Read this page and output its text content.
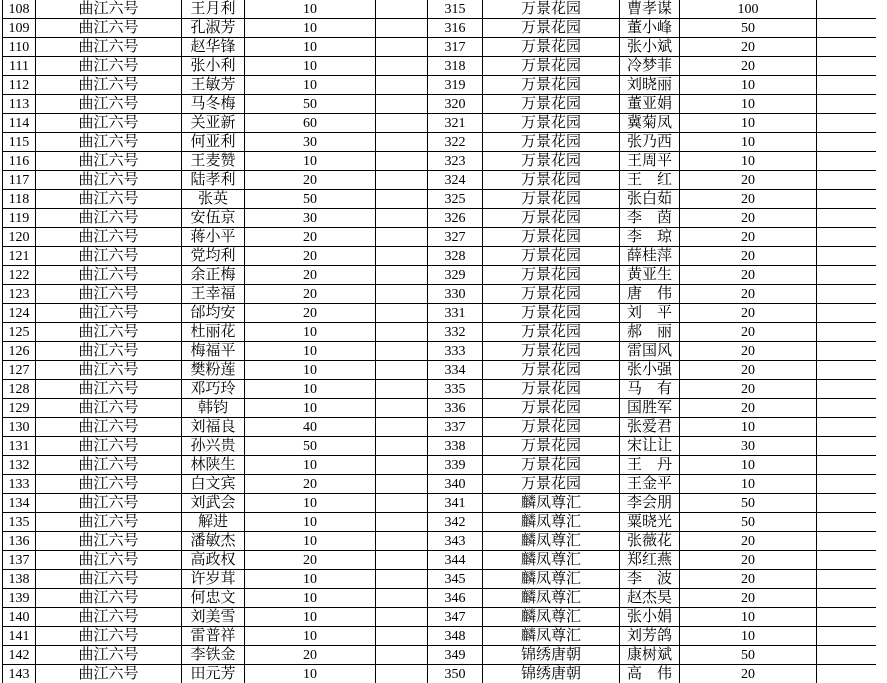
108	曲江六号	王月利	10		315	万景花园	曹孝谋	100	
109	曲江六号	孔淑芳	10		316	万景花园	董小峰	50	
110	曲江六号	赵华锋	10		317	万景花园	张小斌	20	
111	曲江六号	张小利	10		318	万景花园	冷梦菲	20	
112	曲江六号	王敏芳	10		319	万景花园	刘晓丽	10	
113	曲江六号	马冬梅	50		320	万景花园	董亚娟	10	
114	曲江六号	关亚新	60		321	万景花园	冀菊凤	10	
115	曲江六号	何亚利	30		322	万景花园	张乃西	10	
116	曲江六号	王麦赞	10		323	万景花园	王周平	10	
117	曲江六号	陆孝利	20		324	万景花园	王　红	20	
118	曲江六号	张英	50		325	万景花园	张白茹	20	
119	曲江六号	安伍京	30		326	万景花园	李　茵	20	
120	曲江六号	蒋小平	20		327	万景花园	李　琼	20	
121	曲江六号	党均利	20		328	万景花园	薛桂萍	20	
122	曲江六号	余正梅	20		329	万景花园	黄亚生	20	
123	曲江六号	王幸福	20		330	万景花园	唐　伟	20	
124	曲江六号	邰均安	20		331	万景花园	刘　平	20	
125	曲江六号	杜丽花	10		332	万景花园	郝　丽	20	
126	曲江六号	梅福平	10		333	万景花园	雷国风	20	
127	曲江六号	樊粉莲	10		334	万景花园	张小强	20	
128	曲江六号	邓巧玲	10		335	万景花园	马　有	20	
129	曲江六号	韩钧	10		336	万景花园	国胜军	20	
130	曲江六号	刘福良	40		337	万景花园	张爱君	10	
131	曲江六号	孙兴贵	50		338	万景花园	宋让让	30	
132	曲江六号	林陕生	10		339	万景花园	王　丹	10	
133	曲江六号	白文宾	20		340	万景花园	王金平	10	
134	曲江六号	刘武会	10		341	麟凤尊汇	李会朋	50	
135	曲江六号	解进	10		342	麟凤尊汇	粟晓光	50	
136	曲江六号	潘敏杰	10		343	麟凤尊汇	张薇花	20	
137	曲江六号	高政权	20		344	麟凤尊汇	郑红燕	20	
138	曲江六号	许岁茸	10		345	麟凤尊汇	李　波	20	
139	曲江六号	何忠文	10		346	麟凤尊汇	赵杰昊	20	
140	曲江六号	刘美雪	10		347	麟凤尊汇	张小娟	10	
141	曲江六号	雷普祥	10		348	麟凤尊汇	刘芳鸽	10	
142	曲江六号	李铁金	20		349	锦绣唐朝	康树斌	50	
143	曲江六号	田元芳	10		350	锦绣唐朝	高　伟	20	
